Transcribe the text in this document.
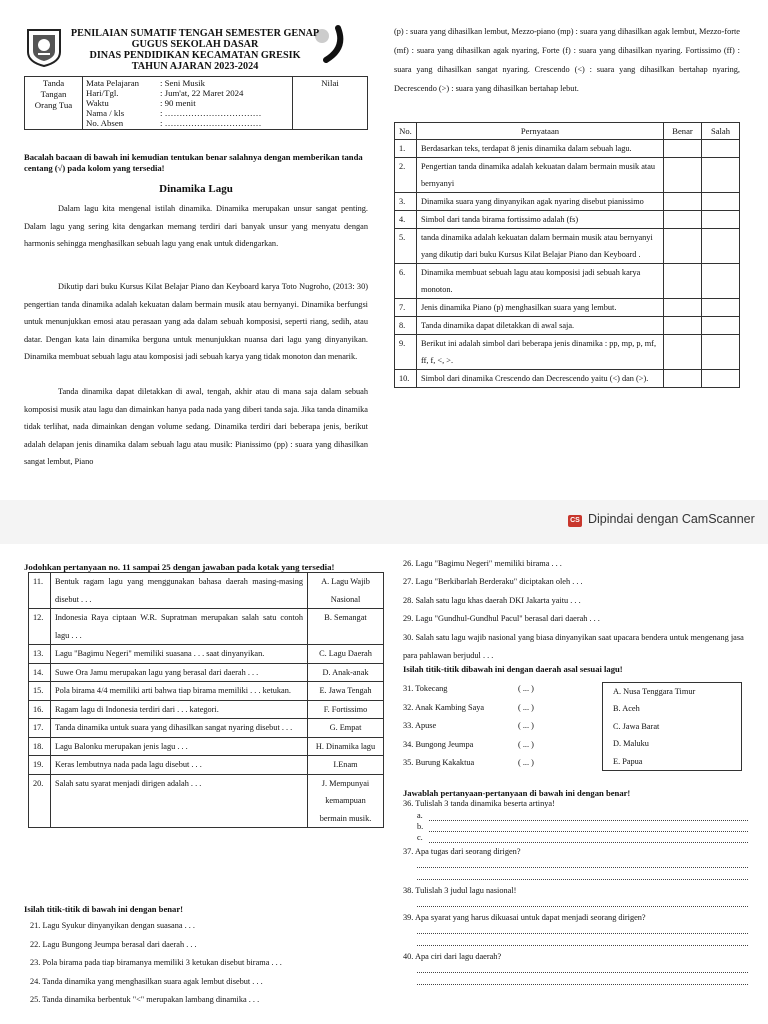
PENILAIAN SUMATIF TENGAH SEMESTER GENAP
GUGUS SEKOLAH DASAR
DINAS PENDIDIKAN KECAMATAN GRESIK
TAHUN AJARAN 2023-2024
Tanda
Tangan
Orang Tua

Mata Pelajaran	: Seni Musik
Hari/Tgl.	: Jum'at, 22 Maret 2024
Waktu	: 90 menit
Nama / kls	: ……………………………
No. Absen	: ……………………………
	Nilai
Bacalah bacaan di bawah ini kemudian tentukan benar salahnya dengan memberikan tanda centang (√) pada kolom yang tersedia!
Dinamika Lagu
Dalam lagu kita mengenal istilah dinamika. Dinamika merupakan unsur sangat penting. Dalam lagu yang sering kita dengarkan memang terdiri dari banyak unsur yang menyatu dengan harmonis sehingga menghasilkan sebuah lagu yang enak untuk didengarkan.
Dikutip dari buku Kursus Kilat Belajar Piano dan Keyboard karya Toto Nugroho, (2013: 30) pengertian tanda dinamika adalah kekuatan dalam bermain musik atau bernyanyi. Dinamika berfungsi untuk menunjukkan emosi atau perasaan yang ada dalam sebuah komposisi, seperti riang, sedih, atau datar. Dengan kata lain dinamika berguna untuk menunjukkan nuansa dari lagu yang dinyanyikan. Dinamika membuat sebuah lagu atau komposisi jadi sebuah karya yang tidak monoton dan menarik.
Tanda dinamika dapat diletakkan di awal, tengah, akhir atau di mana saja dalam sebuah komposisi musik atau lagu dan dimainkan hanya pada nada yang diberi tanda saja. Jika tanda dinamika tidak terlihat, nada dimainkan dengan volume sedang. Dinamika terdiri dari beberapa jenis, berikut adalah delapan jenis dinamika dalam sebuah lagu atau musik: Pianissimo (pp) : suara yang dihasilkan sangat lembut, Piano
(p) : suara yang dihasilkan lembut, Mezzo-piano (mp) : suara yang dihasilkan agak lembut, Mezzo-forte (mf) : suara yang dihasilkan agak nyaring, Forte (f) : suara yang dihasilkan nyaring. Fortissimo (ff) : suara yang dihasilkan sangat nyaring. Crescendo (<) : suara yang dihasilkan bertahap nyaring, Decrescendo (>) : suara yang dihasilkan bertahap lebut.
No.	Pernyataan	Benar	Salah
1.	Berdasarkan teks, terdapat 8 jenis dinamika dalam sebuah lagu.		
2.	Pengertian tanda dinamika adalah kekuatan dalam bermain musik atau bernyanyi		
3.	Dinamika suara yang dinyanyikan agak nyaring disebut pianissimo		
4.	Simbol dari tanda birama fortissimo adalah (fs)		
5.	tanda dinamika adalah kekuatan dalam bermain musik atau bernyanyi yang dikutip dari buku Kursus Kilat Belajar Piano dan Keyboard .		
6.	Dinamika membuat sebuah lagu atau komposisi jadi sebuah karya monoton.		
7.	Jenis dinamika Piano (p) menghasilkan suara yang lembut.		
8.	Tanda dinamika dapat diletakkan di awal saja.		
9.	Berikut ini adalah simbol dari beberapa jenis dinamika : pp, mp, p, mf, ff, f, <, >.		
10.	Simbol dari dinamika Crescendo dan Decrescendo yaitu (<) dan (>).		
CS Dipindai dengan CamScanner
Jodohkan pertanyaan no. 11 sampai 25 dengan jawaban pada kotak yang tersedia!
11.	Bentuk ragam lagu yang menggunakan bahasa daerah masing-masing disebut . . .	A. Lagu Wajib Nasional
12.	Indonesia Raya ciptaan W.R. Supratman merupakan salah satu contoh lagu . . .	B. Semangat
13.	Lagu "Bagimu Negeri" memiliki suasana . . . saat dinyanyikan.	C. Lagu Daerah
14.	Suwe Ora Jamu merupakan lagu yang berasal dari daerah . . .	D. Anak-anak
15.	Pola birama 4/4 memiliki arti bahwa tiap birama memiliki . . . ketukan.	E. Jawa Tengah
16.	Ragam lagu di Indonesia terdiri dari . . . kategori.	F. Fortissimo
17.	Tanda dinamika untuk suara yang dihasilkan sangat nyaring disebut . . .	G. Empat
18.	Lagu Balonku merupakan jenis lagu . . .	H. Dinamika lagu
19.	Keras lembutnya nada pada lagu disebut . . .	I.Enam
20.	Salah satu syarat menjadi dirigen adalah . . .	J. Mempunyai kemampuan bermain musik.
Isilah titik-titik di bawah ini dengan benar!
21. Lagu Syukur dinyanyikan dengan suasana . . .
22. Lagu Bungong Jeumpa berasal dari daerah . . .
23. Pola birama pada tiap biramanya memiliki 3 ketukan disebut birama . . .
24. Tanda dinamika yang menghasilkan suara agak lembut disebut . . .
25. Tanda dinamika berbentuk "<" merupakan lambang dinamika . . .
26. Lagu "Bagimu Negeri" memiliki birama . . .
27. Lagu "Berkibarlah Berderaku" diciptakan oleh . . .
28. Salah satu lagu khas daerah DKI Jakarta yaitu . . .
29. Lagu "Gundhul-Gundhul Pacul" berasal dari daerah . . .
30. Salah satu lagu wajib nasional yang biasa dinyanyikan saat upacara bendera untuk mengenang jasa para pahlawan berjudul . . .
Isilah titik-titik dibawah ini dengan daerah asal sesuai lagu!
31. Tokecang	( ... )
32. Anak Kambing Saya	( ... )
33. Apuse	( ... )
34. Bungong Jeumpa	( ... )
35. Burung Kakaktua	( ... )
A. Nusa Tenggara Timur
B. Aceh
C. Jawa Barat
D. Maluku
E. Papua
Jawablah pertanyaan-pertanyaan di bawah ini dengan benar!
36. Tulislah 3 tanda dinamika beserta artinya!
a.
b.
c.
37. Apa tugas dari seorang dirigen?
38. Tulislah 3 judul lagu nasional!
39. Apa syarat yang harus dikuasai untuk dapat menjadi seorang dirigen?
40. Apa ciri dari lagu daerah?
